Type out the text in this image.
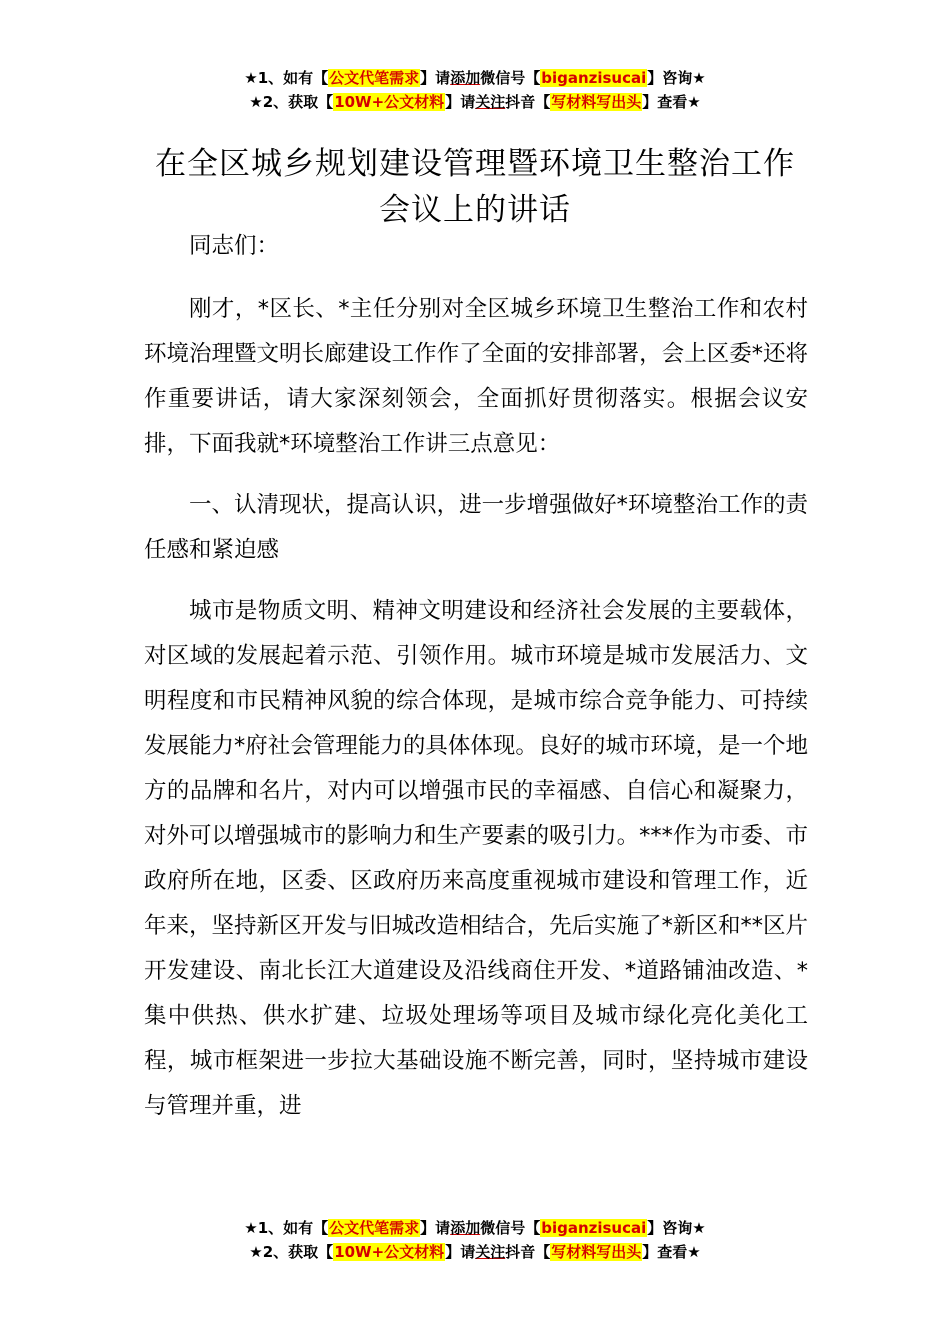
★1、如有【公文代笔需求】请添加微信号【biganzisucai】咨询★
★2、获取【10W+公文材料】请关注抖音【写材料写出头】查看★
在全区城乡规划建设管理暨环境卫生整治工作会议上的讲话

同志们：

刚才，*区长、*主任分别对全区城乡环境卫生整治工作和农村环境治理暨文明长廊建设工作作了全面的安排部署，会上区委*还将作重要讲话，请大家深刻领会，全面抓好贯彻落实。根据会议安排，下面我就*环境整治工作讲三点意见：

一、认清现状，提高认识，进一步增强做好*环境整治工作的责任感和紧迫感

城市是物质文明、精神文明建设和经济社会发展的主要载体，对区域的发展起着示范、引领作用。城市环境是城市发展活力、文明程度和市民精神风貌的综合体现，是城市综合竞争能力、可持续发展能力*府社会管理能力的具体体现。良好的城市环境，是一个地方的品牌和名片，对内可以增强市民的幸福感、自信心和凝聚力，对外可以增强城市的影响力和生产要素的吸引力。***作为市委、市政府所在地，区委、区政府历来高度重视城市建设和管理工作，近年来，坚持新区开发与旧城改造相结合，先后实施了*新区和**区片开发建设、南北长江大道建设及沿线商住开发、*道路铺油改造、*集中供热、供水扩建、垃圾处理场等项目及城市绿化亮化美化工程，城市框架进一步拉大基础设施不断完善，同时，坚持城市建设与管理并重，进

★1、如有【公文代笔需求】请添加微信号【biganzisucai】咨询★
★2、获取【10W+公文材料】请关注抖音【写材料写出头】查看★
